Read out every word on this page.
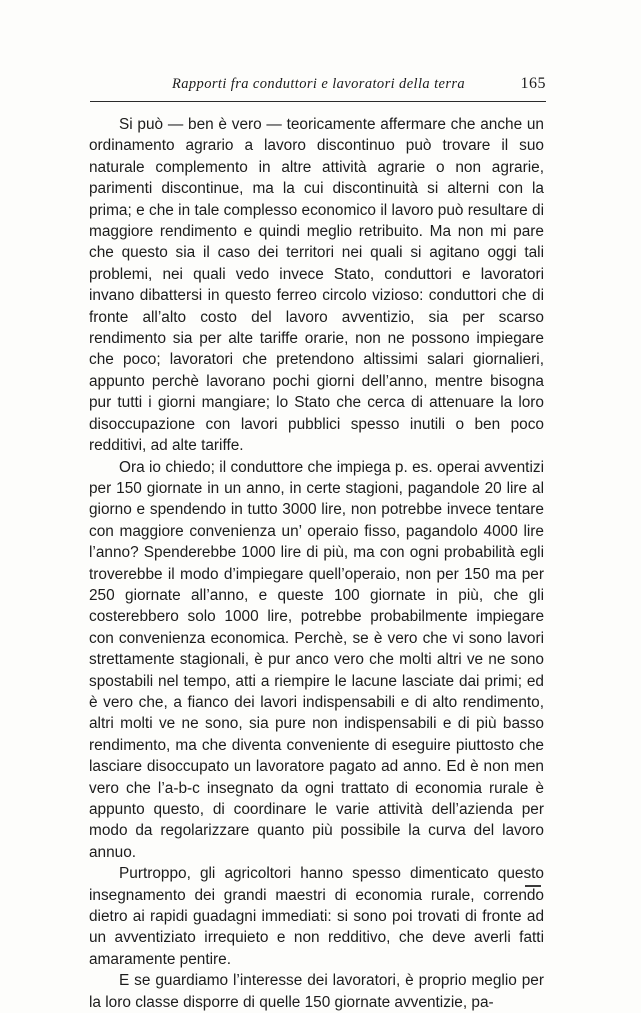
Rapporti fra conduttori e lavoratori della terra	165

Si può — ben è vero — teoricamente affermare che anche un ordinamento agrario a lavoro discontinuo può trovare il suo naturale complemento in altre attività agrarie o non agrarie, parimenti discontinue, ma la cui discontinuità si alterni con la prima; e che in tale complesso economico il lavoro può resultare di maggiore rendimento e quindi meglio retribuito. Ma non mi pare che questo sia il caso dei territori nei quali si agitano oggi tali problemi, nei quali vedo invece Stato, conduttori e lavoratori invano dibattersi in questo ferreo circolo vizioso: conduttori che di fronte all’alto costo del lavoro avventizio, sia per scarso rendimento sia per alte tariffe orarie, non ne possono impiegare che poco; lavoratori che pretendono altissimi salari giornalieri, appunto perchè lavorano pochi giorni dell’anno, mentre bisogna pur tutti i giorni mangiare; lo Stato che cerca di attenuare la loro disoccupazione con lavori pubblici spesso inutili o ben poco redditivi, ad alte tariffe.

Ora io chiedo; il conduttore che impiega p. es. operai avventizi per 150 giornate in un anno, in certe stagioni, pagandole 20 lire al giorno e spendendo in tutto 3000 lire, non potrebbe invece tentare con maggiore convenienza un’ operaio fisso, pagandolo 4000 lire l’anno? Spenderebbe 1000 lire di più, ma con ogni probabilità egli troverebbe il modo d’impiegare quell’operaio, non per 150 ma per 250 giornate all’anno, e queste 100 giornate in più, che gli costerebbero solo 1000 lire, potrebbe probabilmente impiegare con convenienza economica. Perchè, se è vero che vi sono lavori strettamente stagionali, è pur anco vero che molti altri ve ne sono spostabili nel tempo, atti a riempire le lacune lasciate dai primi; ed è vero che, a fianco dei lavori indispensabili e di alto rendimento, altri molti ve ne sono, sia pure non indispensabili e di più basso rendimento, ma che diventa conveniente di eseguire piuttosto che lasciare disoccupato un lavoratore pagato ad anno. Ed è non men vero che l’a-b-c insegnato da ogni trattato di economia rurale è appunto questo, di coordinare le varie attività dell’azienda per modo da regolarizzare quanto più possibile la curva del lavoro annuo.

Purtroppo, gli agricoltori hanno spesso dimenticato questo insegnamento dei grandi maestri di economia rurale, correndo dietro ai rapidi guadagni immediati: si sono poi trovati di fronte ad un avventiziato irrequieto e non redditivo, che deve averli fatti amaramente pentire.

E se guardiamo l’interesse dei lavoratori, è proprio meglio per la loro classe disporre di quelle 150 giornate avventizie, pa-
